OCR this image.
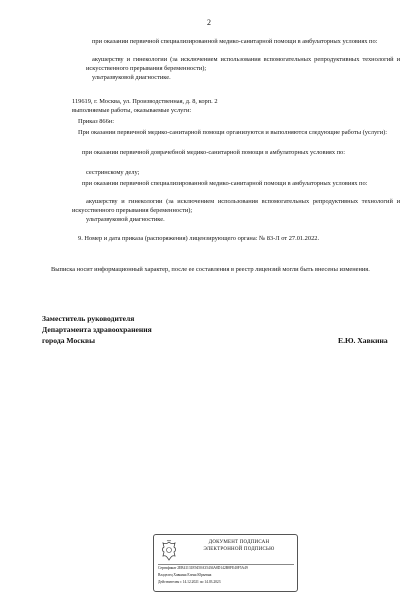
2

при оказании первичной специализированной медико-санитарной помощи в амбулаторных условиях по:

акушерству и гинекологии (за исключением использования вспомогательных репродуктивных технологий и искусственного прерывания беременности);

ультразвуковой диагностике.

119619, г. Москва, ул. Производственная, д. 8, корп. 2

выполняемые работы, оказываемые услуги:

Приказ 866н:

При оказании первичной медико-санитарной помощи организуются и выполняются следующие работы (услуги):

при оказании первичной доврачебной медико-санитарной помощи в амбулаторных условиях по:

сестринскому делу;

при оказании первичной специализированной медико-санитарной помощи в амбулаторных условиях по:

акушерству и гинекологии (за исключением использования вспомогательных репродуктивных технологий и искусственного прерывания беременности);

ультразвуковой диагностике.

9. Номер и дата приказа (распоряжения) лицензирующего органа: № 83-Л от 27.01.2022.

Выписка носит информационный характер, после ее составления в реестр лицензий могли быть внесены изменения.

Заместитель руководителя
Департамента здравоохранения
города Москвы	Е.Ю. Хавкина
ДОКУМЕНТ ПОДПИСАН
ЭЛЕКТРОННОЙ ПОДПИСЬЮ
Сертификат 2EB41131E9450A35436A8D142B8FE40F5A49
Владелец Хавкина Елена Юрьевна
Действителен с 14.12.2021 по 14.03.2023
